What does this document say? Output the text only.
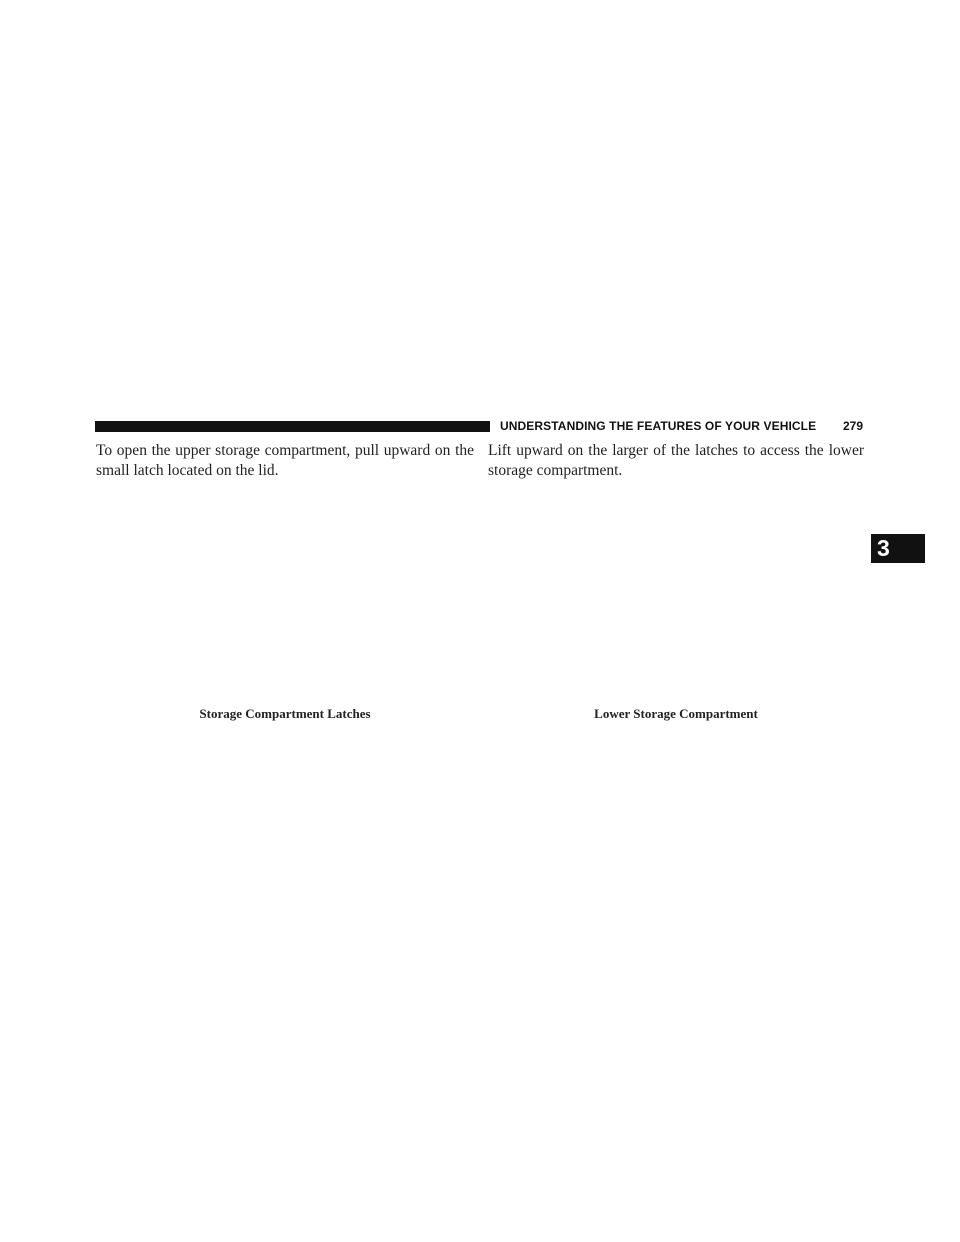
UNDERSTANDING THE FEATURES OF YOUR VEHICLE 279
To open the upper storage compartment, pull upward on the small latch located on the lid.
Lift upward on the larger of the latches to access the lower storage compartment.
Storage Compartment Latches	Lower Storage Compartment
3
